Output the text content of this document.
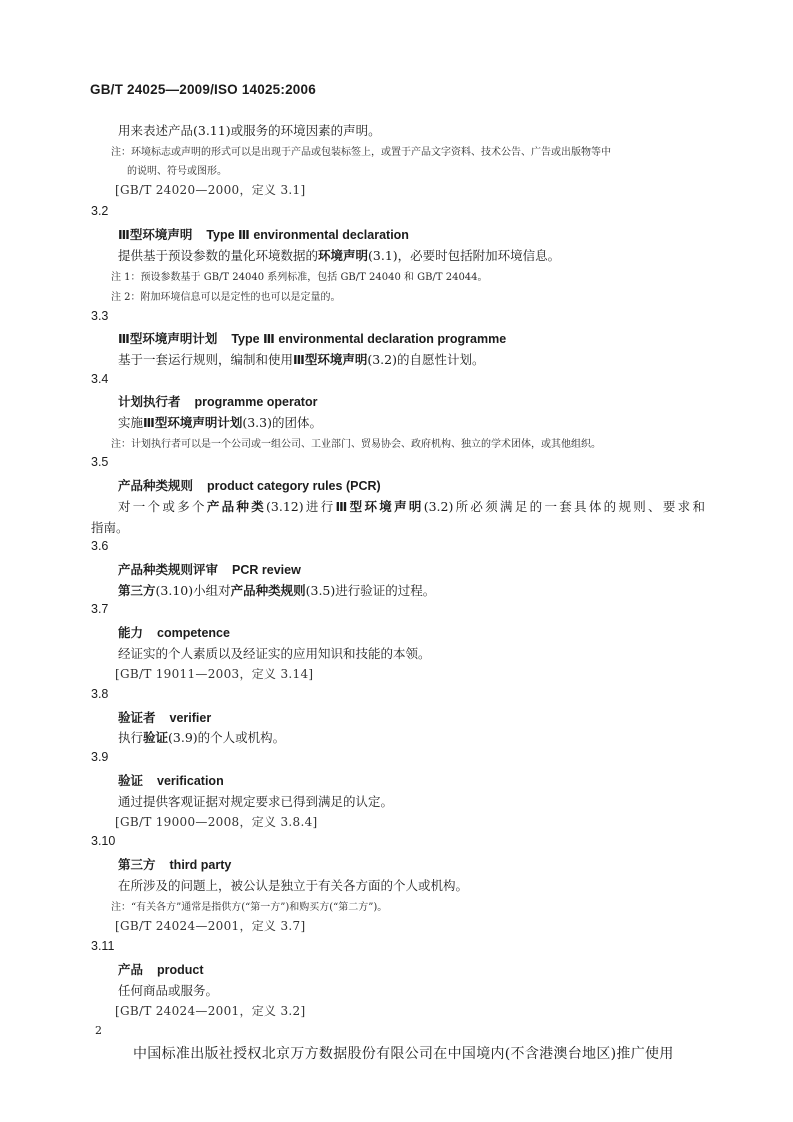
GB/T 24025—2009/ISO 14025:2006
用来表述产品(3.11)或服务的环境因素的声明。
注：环境标志或声明的形式可以是出现于产品或包装标签上，或置于产品文字资料、技术公告、广告或出版物等中
的说明、符号或图形。
[GB/T 24020—2000，定义 3.1]
3.2
Ⅲ型环境声明 Type Ⅲ environmental declaration
提供基于预设参数的量化环境数据的环境声明(3.1)，必要时包括附加环境信息。
注 1：预设参数基于 GB/T 24040 系列标准，包括 GB/T 24040 和 GB/T 24044。
注 2：附加环境信息可以是定性的也可以是定量的。
3.3
Ⅲ型环境声明计划 Type Ⅲ environmental declaration programme
基于一套运行规则，编制和使用Ⅲ型环境声明(3.2)的自愿性计划。
3.4
计划执行者 programme operator
实施Ⅲ型环境声明计划(3.3)的团体。
注：计划执行者可以是一个公司或一组公司、工业部门、贸易协会、政府机构、独立的学术团体，或其他组织。
3.5
产品种类规则 product category rules (PCR)
对一个或多个产品种类(3.12)进行Ⅲ型环境声明(3.2)所必须满足的一套具体的规则、要求和
指南。
3.6
产品种类规则评审 PCR review
第三方(3.10)小组对产品种类规则(3.5)进行验证的过程。
3.7
能力 competence
经证实的个人素质以及经证实的应用知识和技能的本领。
[GB/T 19011—2003，定义 3.14]
3.8
验证者 verifier
执行验证(3.9)的个人或机构。
3.9
验证 verification
通过提供客观证据对规定要求已得到满足的认定。
[GB/T 19000—2008，定义 3.8.4]
3.10
第三方 third party
在所涉及的问题上，被公认是独立于有关各方面的个人或机构。
注：“有关各方”通常是指供方(“第一方”)和购买方(“第二方”)。
[GB/T 24024—2001，定义 3.7]
3.11
产品 product
任何商品或服务。
[GB/T 24024—2001，定义 3.2]
2
中国标准出版社授权北京万方数据股份有限公司在中国境内(不含港澳台地区)推广使用
